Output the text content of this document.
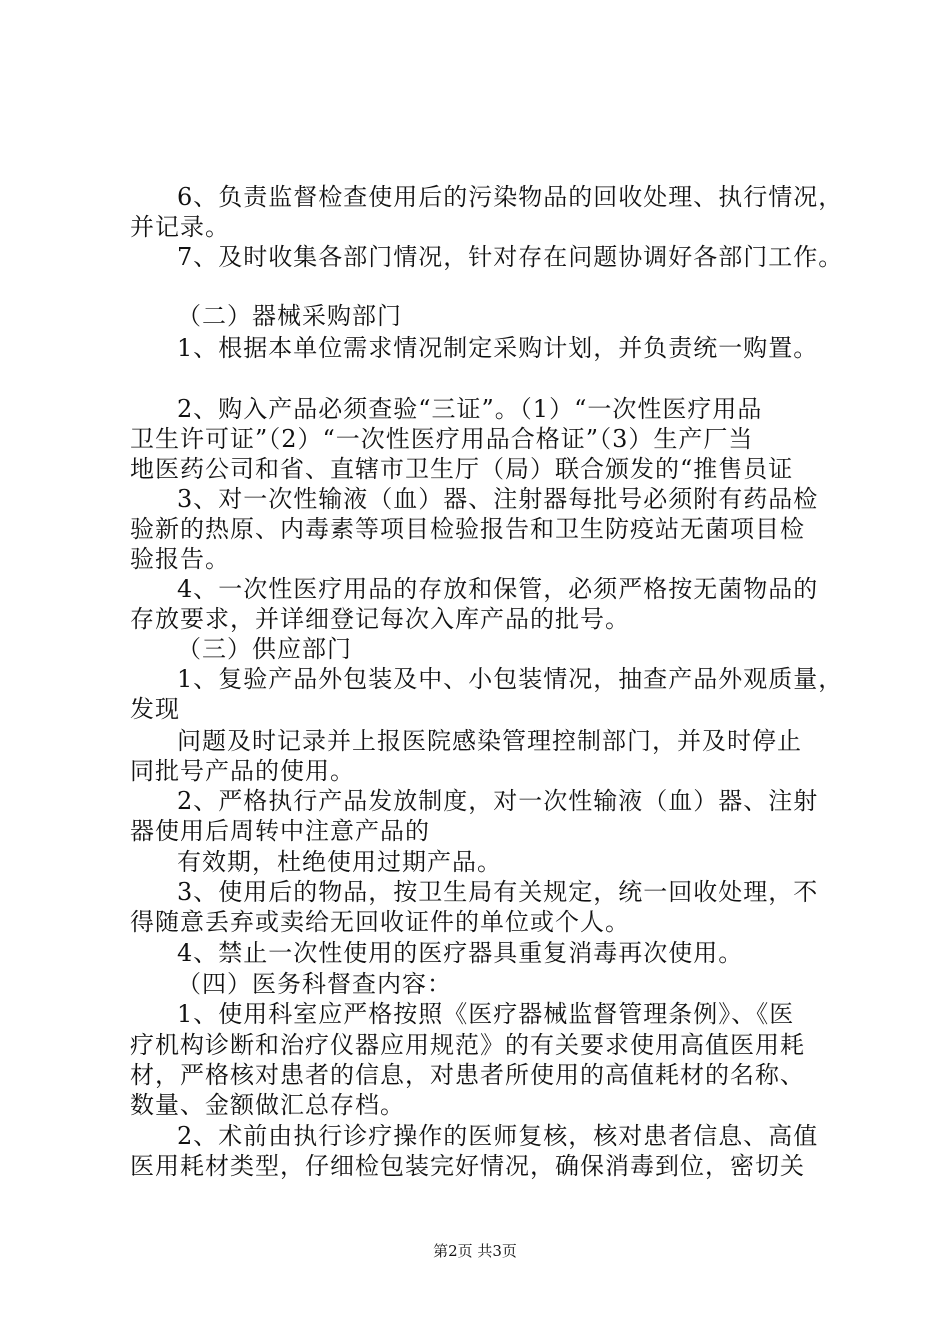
6、负责监督检查使用后的污染物品的回收处理、执行情况，
并记录。
7、及时收集各部门情况，针对存在问题协调好各部门工作。
（二）器械采购部门
1、根据本单位需求情况制定采购计划，并负责统一购置。
2、购入产品必须查验“三证”。（1）“一次性医疗用品
卫生许可证”（2）“一次性医疗用品合格证”（3）生产厂当
地医药公司和省、直辖市卫生厅（局）联合颁发的“推售员证
3、对一次性输液（血）器、注射器每批号必须附有药品检
验新的热原、内毒素等项目检验报告和卫生防疫站无菌项目检
验报告。
4、一次性医疗用品的存放和保管，必须严格按无菌物品的
存放要求，并详细登记每次入库产品的批号。
（三）供应部门
1、复验产品外包装及中、小包装情况，抽查产品外观质量，
发现
问题及时记录并上报医院感染管理控制部门，并及时停止
同批号产品的使用。
2、严格执行产品发放制度，对一次性输液（血）器、注射
器使用后周转中注意产品的
有效期，杜绝使用过期产品。
3、使用后的物品，按卫生局有关规定，统一回收处理，不
得随意丢弃或卖给无回收证件的单位或个人。
4、禁止一次性使用的医疗器具重复消毒再次使用。
（四）医务科督查内容：
1、使用科室应严格按照《医疗器械监督管理条例》、《医
疗机构诊断和治疗仪器应用规范》的有关要求使用高值医用耗
材，严格核对患者的信息，对患者所使用的高值耗材的名称、
数量、金额做汇总存档。
2、术前由执行诊疗操作的医师复核，核对患者信息、高值
医用耗材类型，仔细检包装完好情况，确保消毒到位，密切关
第2页 共3页
